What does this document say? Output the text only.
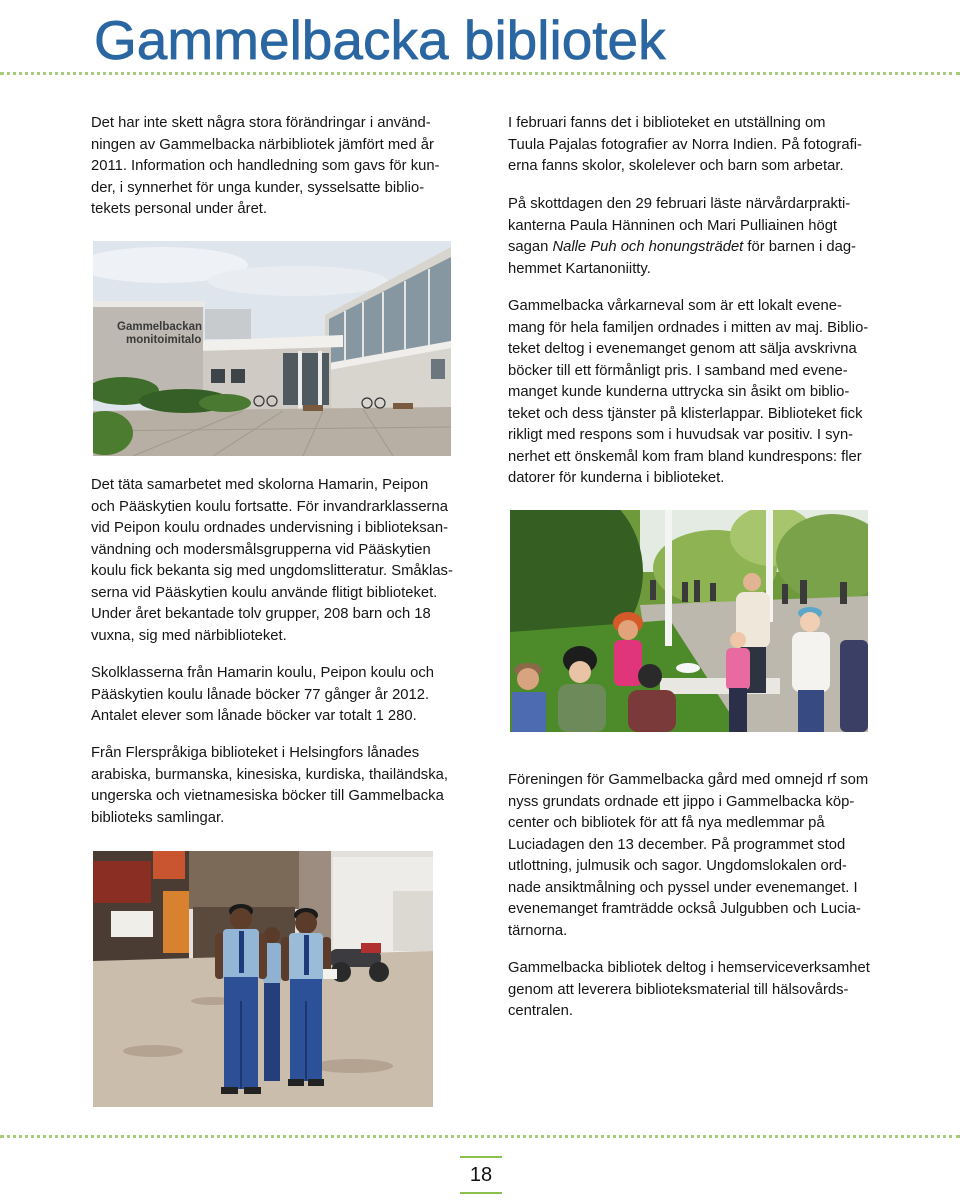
Gammelbacka bibliotek

Det har inte skett några stora förändringar i använd-
ningen av Gammelbacka närbibliotek jämfört med år
2011. Information och handledning som gavs för kun-
der, i synnerhet för unga kunder, sysselsatte biblio-
tekets personal under året.

Gammelbackan
monitoimitalo

Det täta samarbetet med skolorna Hamarin, Peipon
och Pääskytien koulu fortsatte. För invandrarklasserna
vid Peipon koulu ordnades undervisning i biblioteksan-
vändning och modersmålsgrupperna vid Pääskytien
koulu fick bekanta sig med ungdomslitteratur. Småklas-
serna vid Pääskytien koulu använde flitigt biblioteket.
Under året bekantade tolv grupper, 208 barn och 18
vuxna, sig med närbiblioteket.

Skolklasserna från Hamarin koulu, Peipon koulu och
Pääskytien koulu lånade böcker 77 gånger år 2012.
Antalet elever som lånade böcker var totalt 1 280.

Från Flerspråkiga biblioteket i Helsingfors lånades
arabiska, burmanska, kinesiska, kurdiska, thailändska,
ungerska och vietnamesiska böcker till Gammelbacka
biblioteks samlingar.

I februari fanns det i biblioteket en utställning om
Tuula Pajalas fotografier av Norra Indien. På fotografi-
erna fanns skolor, skolelever och barn som arbetar.

På skottdagen den 29 februari läste närvårdarprakti-
kanterna Paula Hänninen och Mari Pulliainen högt
sagan Nalle Puh och honungsträdet för barnen i dag-
hemmet Kartanoniitty.

Gammelbacka vårkarneval som är ett lokalt evene-
mang för hela familjen ordnades i mitten av maj. Biblio-
teket deltog i evenemanget genom att sälja avskrivna
böcker till ett förmånligt pris. I samband med evene-
manget kunde kunderna uttrycka sin åsikt om biblio-
teket och dess tjänster på klisterlappar. Biblioteket fick
rikligt med respons som i huvudsak var positiv. I syn-
nerhet ett önskemål kom fram bland kundrespons: fler
datorer för kunderna i biblioteket.

Föreningen för Gammelbacka gård med omnejd rf som
nyss grundats ordnade ett jippo i Gammelbacka köp-
center och bibliotek för att få nya medlemmar på
Luciadagen den 13 december. På programmet stod
utlottning, julmusik och sagor. Ungdomslokalen ord-
nade ansiktmålning och pyssel under evenemanget. I
evenemanget framträdde också Julgubben och Lucia-
tärnorna.

Gammelbacka bibliotek deltog i hemserviceverksamhet
genom att leverera biblioteksmaterial till hälsovårds-
centralen.

18
